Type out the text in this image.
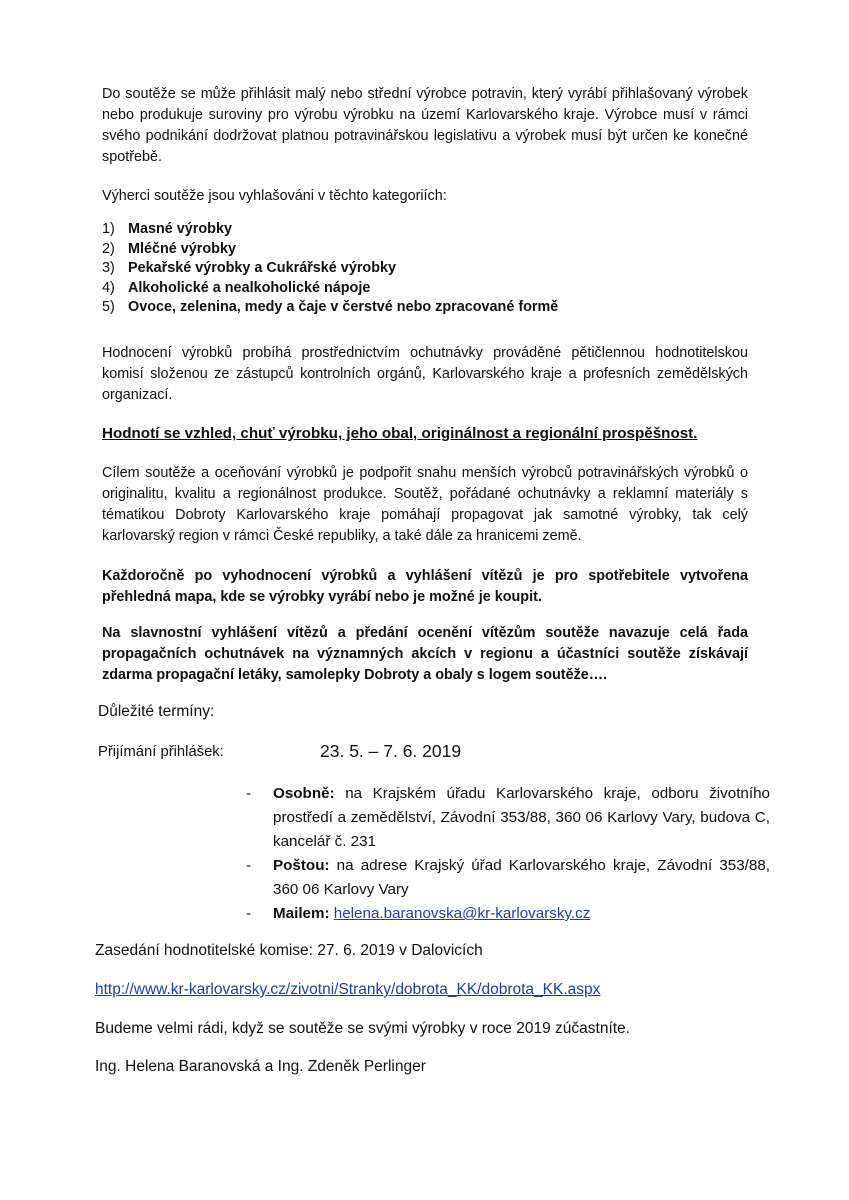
Do soutěže se může přihlásit malý nebo střední výrobce potravin, který vyrábí přihlašovaný výrobek nebo produkuje suroviny pro výrobu výrobku na území Karlovarského kraje. Výrobce musí v rámci svého podnikání dodržovat platnou potravinářskou legislativu a výrobek musí být určen ke konečné spotřebě.

Výherci soutěže jsou vyhlašováni v těchto kategoriích:

1) Masné výrobky
2) Mléčné výrobky
3) Pekařské výrobky a Cukrářské výrobky
4) Alkoholické a nealkoholické nápoje
5) Ovoce, zelenina, medy a čaje v čerstvé nebo zpracované formě

Hodnocení výrobků probíhá prostřednictvím ochutnávky prováděné pětičlennou hodnotitelskou komisí složenou ze zástupců kontrolních orgánů, Karlovarského kraje a profesních zemědělských organizací.

Hodnotí se vzhled, chuť výrobku, jeho obal, originálnost a regionální prospěšnost.

Cílem soutěže a oceňování výrobků je podpořit snahu menších výrobců potravinářských výrobků o originalitu, kvalitu a regionálnost produkce. Soutěž, pořádané ochutnávky a reklamní materiály s tématikou Dobroty Karlovarského kraje pomáhají propagovat jak samotné výrobky, tak celý karlovarský region v rámci České republiky, a také dále za hranicemi země.

Každoročně po vyhodnocení výrobků a vyhlášení vítězů je pro spotřebitele vytvořena přehledná mapa, kde se výrobky vyrábí nebo je možné je koupit.

Na slavnostní vyhlášení vítězů a předání ocenění vítězům soutěže navazuje celá řada propagačních ochutnávek na významných akcích v regionu a účastníci soutěže získávají zdarma propagační letáky, samolepky Dobroty a obaly s logem soutěže….

Důležité termíny:
Přijímání přihlášek:	23. 5. – 7. 6. 2019
- Osobně: na Krajském úřadu Karlovarského kraje, odboru životního prostředí a zemědělství, Závodní 353/88, 360 06 Karlovy Vary, budova C, kancelář č. 231
- Poštou: na adrese Krajský úřad Karlovarského kraje, Závodní 353/88, 360 06 Karlovy Vary
- Mailem: helena.baranovska@kr-karlovarsky.cz
Zasedání hodnotitelské komise: 27. 6. 2019 v Dalovicích
http://www.kr-karlovarsky.cz/zivotni/Stranky/dobrota_KK/dobrota_KK.aspx
Budeme velmi rádi, když se soutěže se svými výrobky v roce 2019 zúčastníte.
Ing. Helena Baranovská a Ing. Zdeněk Perlinger
